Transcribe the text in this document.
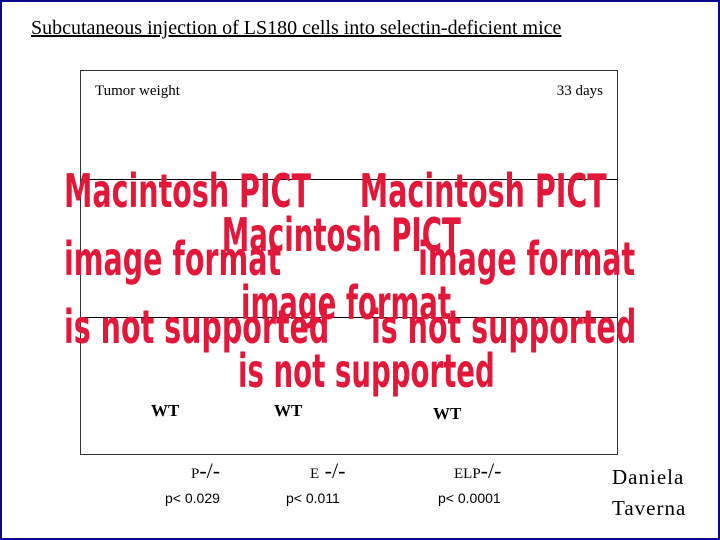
Subcutaneous injection of LS180 cells into selectin-deficient mice
Tumor weight	33 days
Macintosh PICT
image format
is not supported
Macintosh PICT
image format
is not supported
Macintosh PICT
image format
is not supported
WT	WT	WT
P-/-	E -/-	ELP-/-
p< 0.029	p< 0.011	p< 0.0001
Daniela
Taverna
